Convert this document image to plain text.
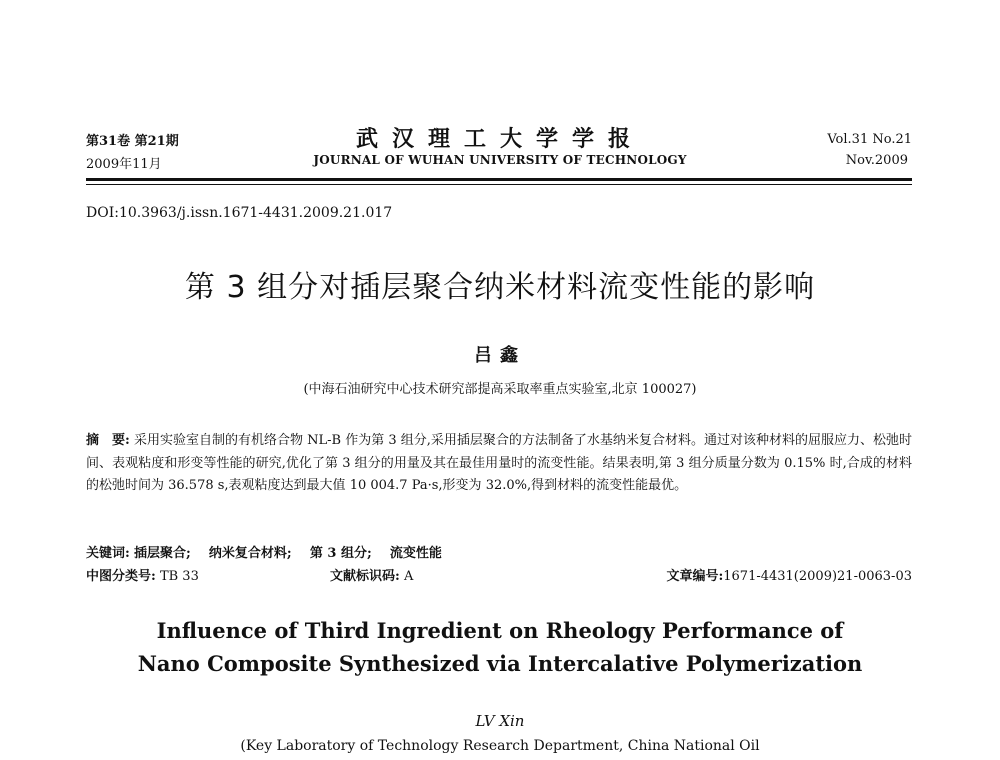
第31卷 第21期
2009年11月
武汉理工大学学报
JOURNAL OF WUHAN UNIVERSITY OF TECHNOLOGY
Vol.31 No.21
Nov.2009
DOI:10.3963/j.issn.1671-4431.2009.21.017
第 3 组分对插层聚合纳米材料流变性能的影响
吕鑫
(中海石油研究中心技术研究部提高采取率重点实验室,北京 100027)
摘　要: 采用实验室自制的有机络合物 NL-B 作为第 3 组分,采用插层聚合的方法制备了水基纳米复合材料。通过对该种材料的屈服应力、松弛时间、表观粘度和形变等性能的研究,优化了第 3 组分的用量及其在最佳用量时的流变性能。结果表明,第 3 组分质量分数为 0.15% 时,合成的材料的松弛时间为 36.578 s,表观粘度达到最大值 10 004.7 Pa·s,形变为 32.0%,得到材料的流变性能最优。
关键词: 插层聚合; 纳米复合材料; 第 3 组分; 流变性能
中图分类号: TB 33	文献标识码: A	文章编号:1671-4431(2009)21-0063-03
Influence of Third Ingredient on Rheology Performance of
Nano Composite Synthesized via Intercalative Polymerization
LV Xin
(Key Laboratory of Technology Research Department, China National Oil
